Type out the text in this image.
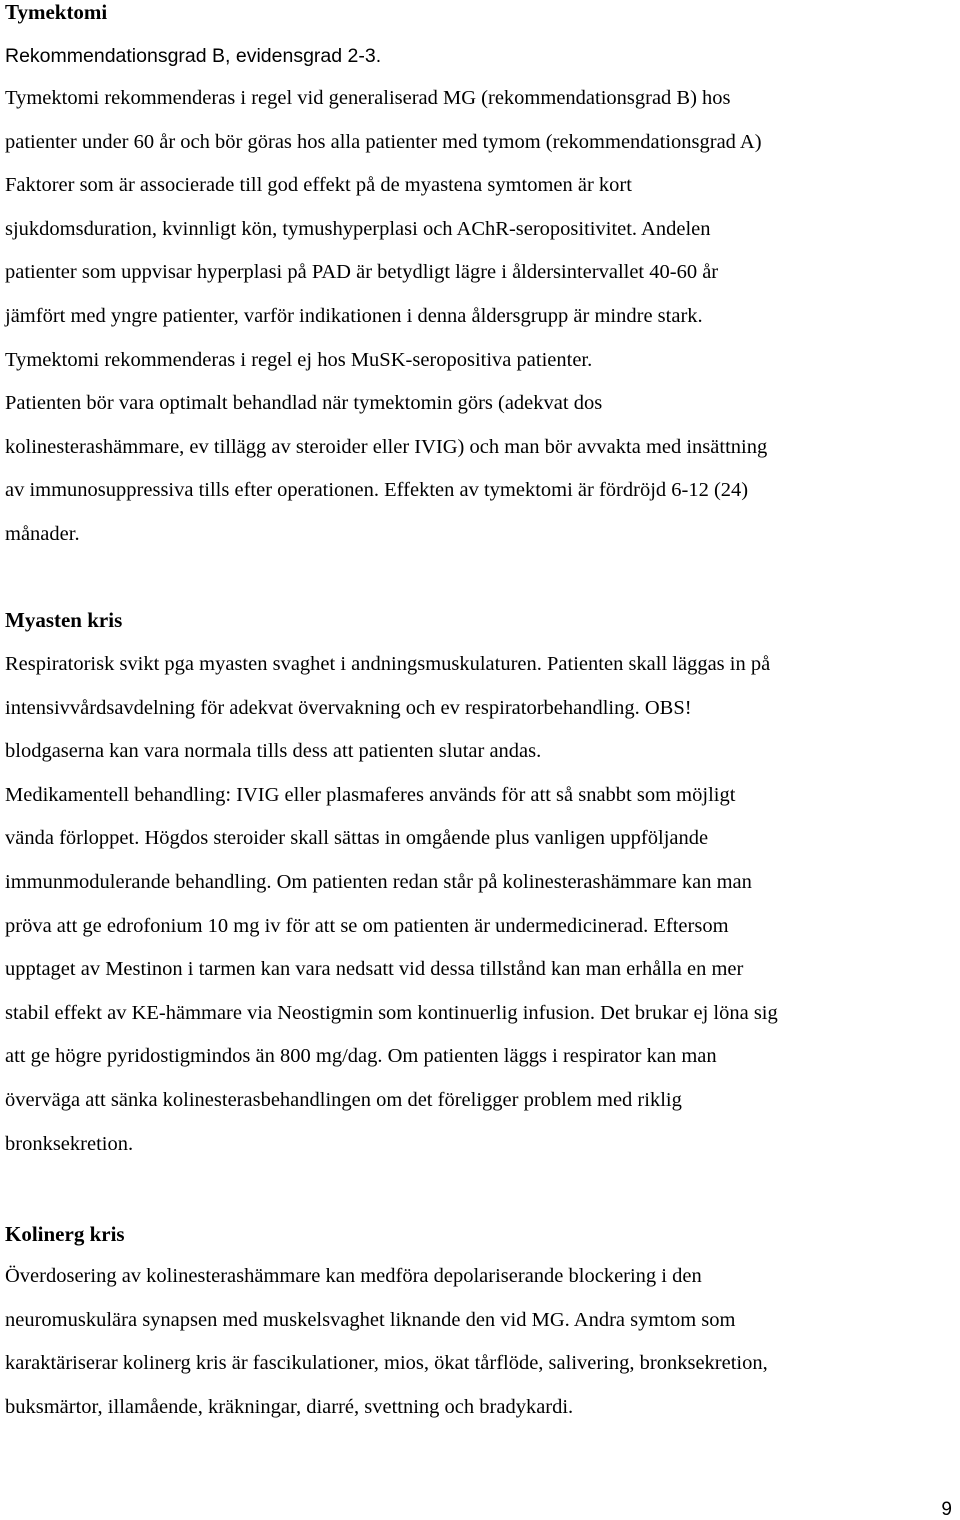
Tymektomi
Rekommendationsgrad B, evidensgrad 2-3.
Tymektomi rekommenderas i regel vid generaliserad MG (rekommendationsgrad B) hos
patienter under 60 år och bör göras hos alla patienter med tymom (rekommendationsgrad A)
Faktorer som är associerade till god effekt på de myastena symtomen är kort
sjukdomsduration, kvinnligt kön, tymushyperplasi och AChR-seropositivitet. Andelen
patienter som uppvisar hyperplasi på PAD är betydligt lägre i åldersintervallet 40-60 år
jämfört med yngre patienter, varför indikationen i denna åldersgrupp är mindre stark.
Tymektomi rekommenderas i regel ej hos MuSK-seropositiva patienter.
Patienten bör vara optimalt behandlad när tymektomin görs (adekvat dos
kolinesterashämmare, ev tillägg av steroider eller IVIG) och man bör avvakta med insättning
av immunosuppressiva tills efter operationen. Effekten av tymektomi är fördröjd 6-12 (24)
månader.
Myasten kris
Respiratorisk svikt pga myasten svaghet i andningsmuskulaturen. Patienten skall läggas in på
intensivvårdsavdelning för adekvat övervakning och ev respiratorbehandling. OBS!
blodgaserna kan vara normala tills dess att patienten slutar andas.
Medikamentell behandling: IVIG eller plasmaferes används för att så snabbt som möjligt
vända förloppet. Högdos steroider skall sättas in omgående plus vanligen uppföljande
immunmodulerande behandling. Om patienten redan står på kolinesterashämmare kan man
pröva att ge edrofonium 10 mg iv för att se om patienten är undermedicinerad. Eftersom
upptaget av Mestinon i tarmen kan vara nedsatt vid dessa tillstånd kan man erhålla en mer
stabil effekt av KE-hämmare via Neostigmin som kontinuerlig infusion. Det brukar ej löna sig
att ge högre pyridostigmindos än 800 mg/dag. Om patienten läggs i respirator kan man
överväga att sänka kolinesterasbehandlingen om det föreligger problem med riklig
bronksekretion.
Kolinerg kris
Överdosering av kolinesterashämmare kan medföra depolariserande blockering i den
neuromuskulära synapsen med muskelsvaghet liknande den vid MG. Andra symtom som
karaktäriserar kolinerg kris är fascikulationer, mios, ökat tårflöde, salivering, bronksekretion,
buksmärtor, illamående, kräkningar, diarré, svettning och bradykardi.
9
